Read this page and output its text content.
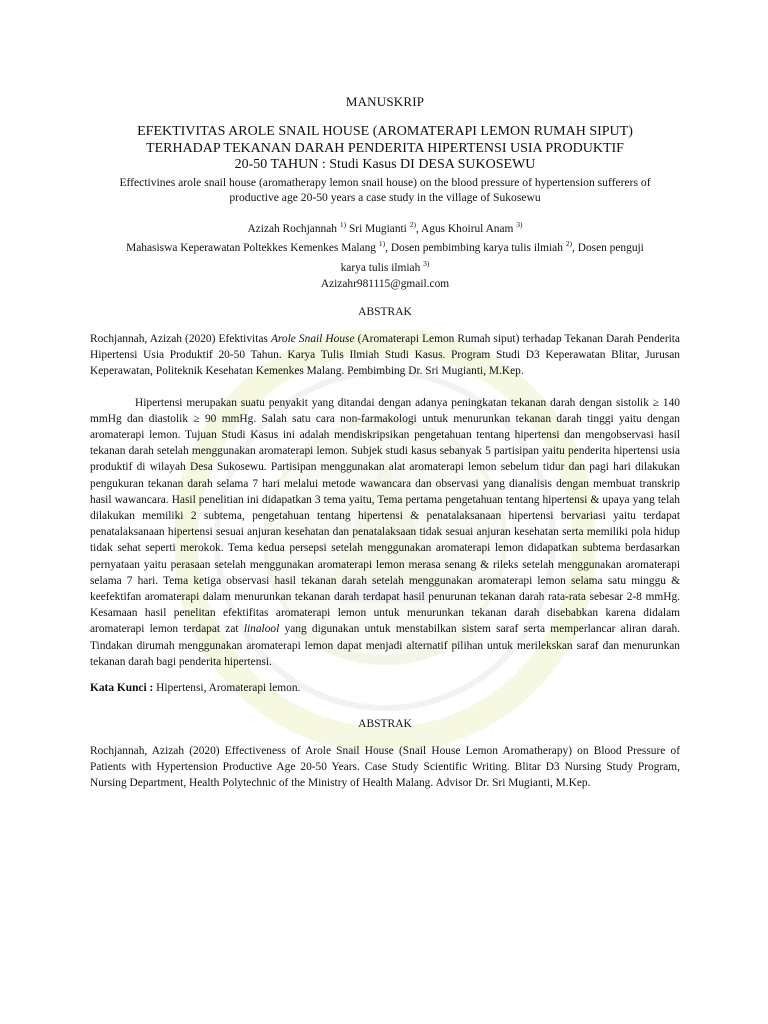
MANUSKRIP
EFEKTIVITAS AROLE SNAIL HOUSE (AROMATERAPI LEMON RUMAH SIPUT)
TERHADAP TEKANAN DARAH PENDERITA HIPERTENSI USIA PRODUKTIF
20-50 TAHUN : Studi Kasus DI DESA SUKOSEWU
Effectivines arole snail house (aromatherapy lemon snail house) on the blood pressure of hypertension sufferers of
productive age 20-50 years a case study in the village of Sukosewu
Azizah Rochjannah $^{1)}$ Sri Mugianti $^{2)}$, Agus Khoirul Anam $^{3)}$
Mahasiswa Keperawatan Poltekkes Kemenkes Malang $^{1)}$, Dosen pembimbing karya tulis ilmiah $^{2)}$, Dosen penguji
karya tulis ilmiah $^{3)}$
Azizahr981115@gmail.com
ABSTRAK

Rochjannah, Azizah (2020) Efektivitas Arole Snail House (Aromaterapi Lemon Rumah siput) terhadap Tekanan Darah Penderita Hipertensi Usia Produktif 20-50 Tahun. Karya Tulis Ilmiah Studi Kasus. Program Studi D3 Keperawatan Blitar, Jurusan Keperawatan, Politeknik Kesehatan Kemenkes Malang. Pembimbing Dr. Sri Mugianti, M.Kep.

Hipertensi merupakan suatu penyakit yang ditandai dengan adanya peningkatan tekanan darah dengan sistolik ≥ 140 mmHg dan diastolik ≥ 90 mmHg. Salah satu cara non-farmakologi untuk menurunkan tekanan darah tinggi yaitu dengan aromaterapi lemon. Tujuan Studi Kasus ini adalah mendiskripsikan pengetahuan tentang hipertensi dan mengobservasi hasil tekanan darah setelah menggunakan aromaterapi lemon. Subjek studi kasus sebanyak 5 partisipan yaitu penderita hipertensi usia produktif di wilayah Desa Sukosewu. Partisipan menggunakan alat aromaterapi lemon sebelum tidur dan pagi hari dilakukan pengukuran tekanan darah selama 7 hari melalui metode wawancara dan observasi yang dianalisis dengan membuat transkrip hasil wawancara. Hasil penelitian ini didapatkan 3 tema yaitu, Tema pertama pengetahuan tentang hipertensi & upaya yang telah dilakukan memiliki 2 subtema, pengetahuan tentang hipertensi & penatalaksanaan hipertensi bervariasi yaitu terdapat penatalaksanaan hipertensi sesuai anjuran kesehatan dan penatalaksaan tidak sesuai anjuran kesehatan serta memiliki pola hidup tidak sehat seperti merokok. Tema kedua persepsi setelah menggunakan aromaterapi lemon didapatkan subtema berdasarkan pernyataan yaitu perasaan setelah menggunakan aromaterapi lemon merasa senang & rileks setelah menggunakan aromaterapi selama 7 hari. Tema ketiga observasi hasil tekanan darah setelah menggunakan aromaterapi lemon selama satu minggu & keefektifan aromaterapi dalam menurunkan tekanan darah terdapat hasil penurunan tekanan darah rata-rata sebesar 2-8 mmHg. Kesamaan hasil penelitan efektifitas aromaterapi lemon untuk menurunkan tekanan darah disebabkan karena didalam aromaterapi lemon terdapat zat linalool yang digunakan untuk menstabilkan sistem saraf serta memperlancar aliran darah. Tindakan dirumah menggunakan aromaterapi lemon dapat menjadi alternatif pilihan untuk merilekskan saraf dan menurunkan tekanan darah bagi penderita hipertensi.

Kata Kunci : Hipertensi, Aromaterapi lemon.
ABSTRAK

Rochjannah, Azizah (2020) Effectiveness of Arole Snail House (Snail House Lemon Aromatherapy) on Blood Pressure of Patients with Hypertension Productive Age 20-50 Years. Case Study Scientific Writing. Blitar D3 Nursing Study Program, Nursing Department, Health Polytechnic of the Ministry of Health Malang. Advisor Dr. Sri Mugianti, M.Kep.
